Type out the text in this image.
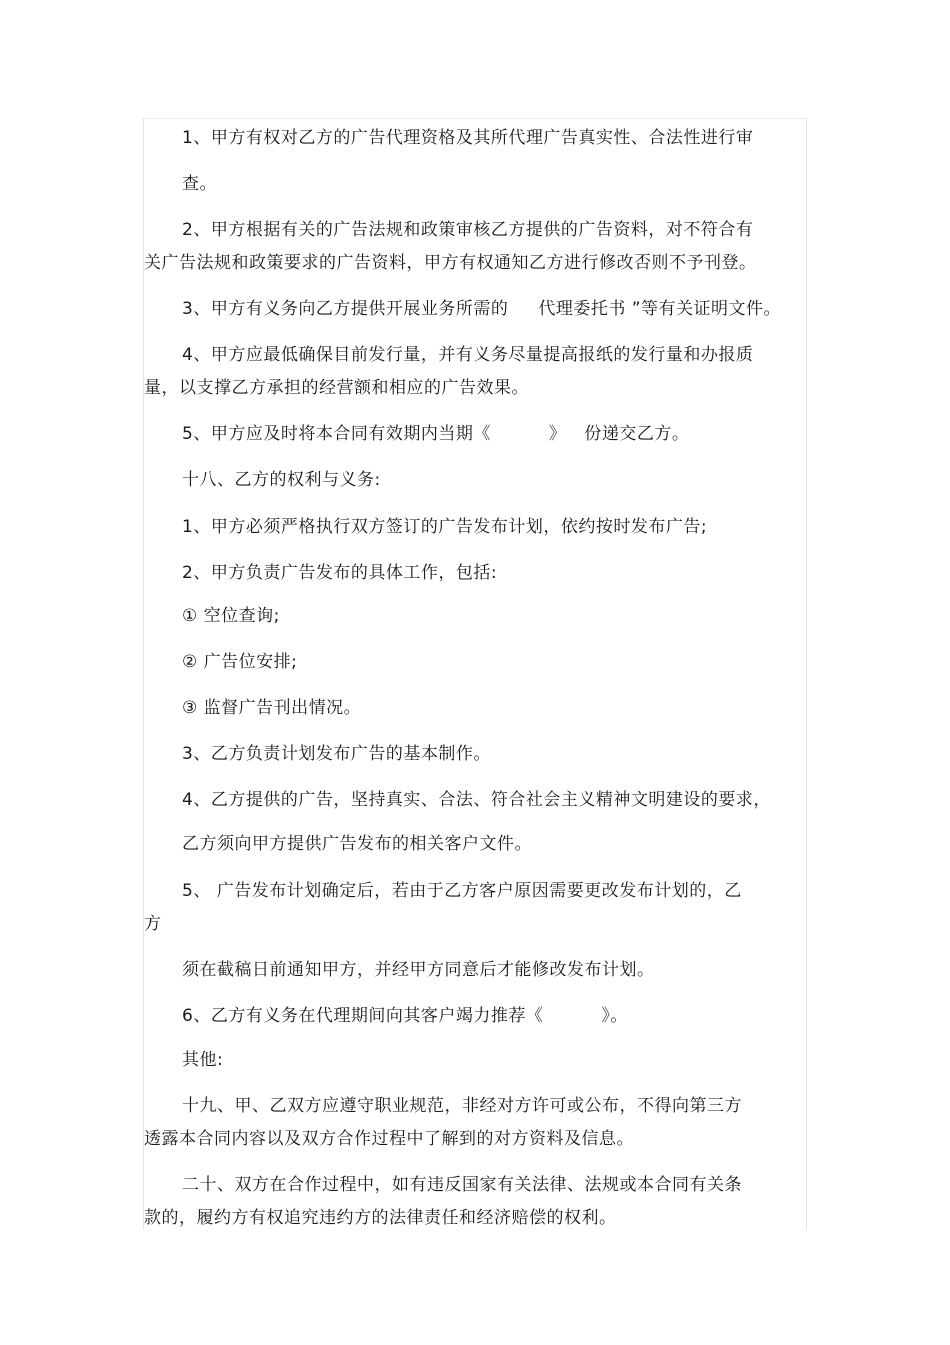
1、甲方有权对乙方的广告代理资格及其所代理广告真实性、合法性进行审

查。

2、甲方根据有关的广告法规和政策审核乙方提供的广告资料，对不符合有

关广告法规和政策要求的广告资料，甲方有权通知乙方进行修改否则不予刊登。

3、甲方有义务向乙方提供开展业务所需的 代理委托书 ”等有关证明文件。

4、甲方应最低确保目前发行量，并有义务尽量提高报纸的发行量和办报质

量，以支撑乙方承担的经营额和相应的广告效果。

5、甲方应及时将本合同有效期内当期《	》 份递交乙方。

十八、乙方的权利与义务:

1、甲方必须严格执行双方签订的广告发布计划，依约按时发布广告;

2、甲方负责广告发布的具体工作，包括:

① 空位查询;

② 广告位安排;

③ 监督广告刊出情况。

3、乙方负责计划发布广告的基本制作。

4、乙方提供的广告，坚持真实、合法、符合社会主义精神文明建设的要求，

乙方须向甲方提供广告发布的相关客户文件。

5、 广告发布计划确定后，若由于乙方客户原因需要更改发布计划的，乙

方

须在截稿日前通知甲方，并经甲方同意后才能修改发布计划。

6、乙方有义务在代理期间向其客户竭力推荐《	》。

其他:

十九、甲、乙双方应遵守职业规范，非经对方许可或公布，不得向第三方

透露本合同内容以及双方合作过程中了解到的对方资料及信息。

二十、双方在合作过程中，如有违反国家有关法律、法规或本合同有关条

款的，履约方有权追究违约方的法律责任和经济赔偿的权利。
